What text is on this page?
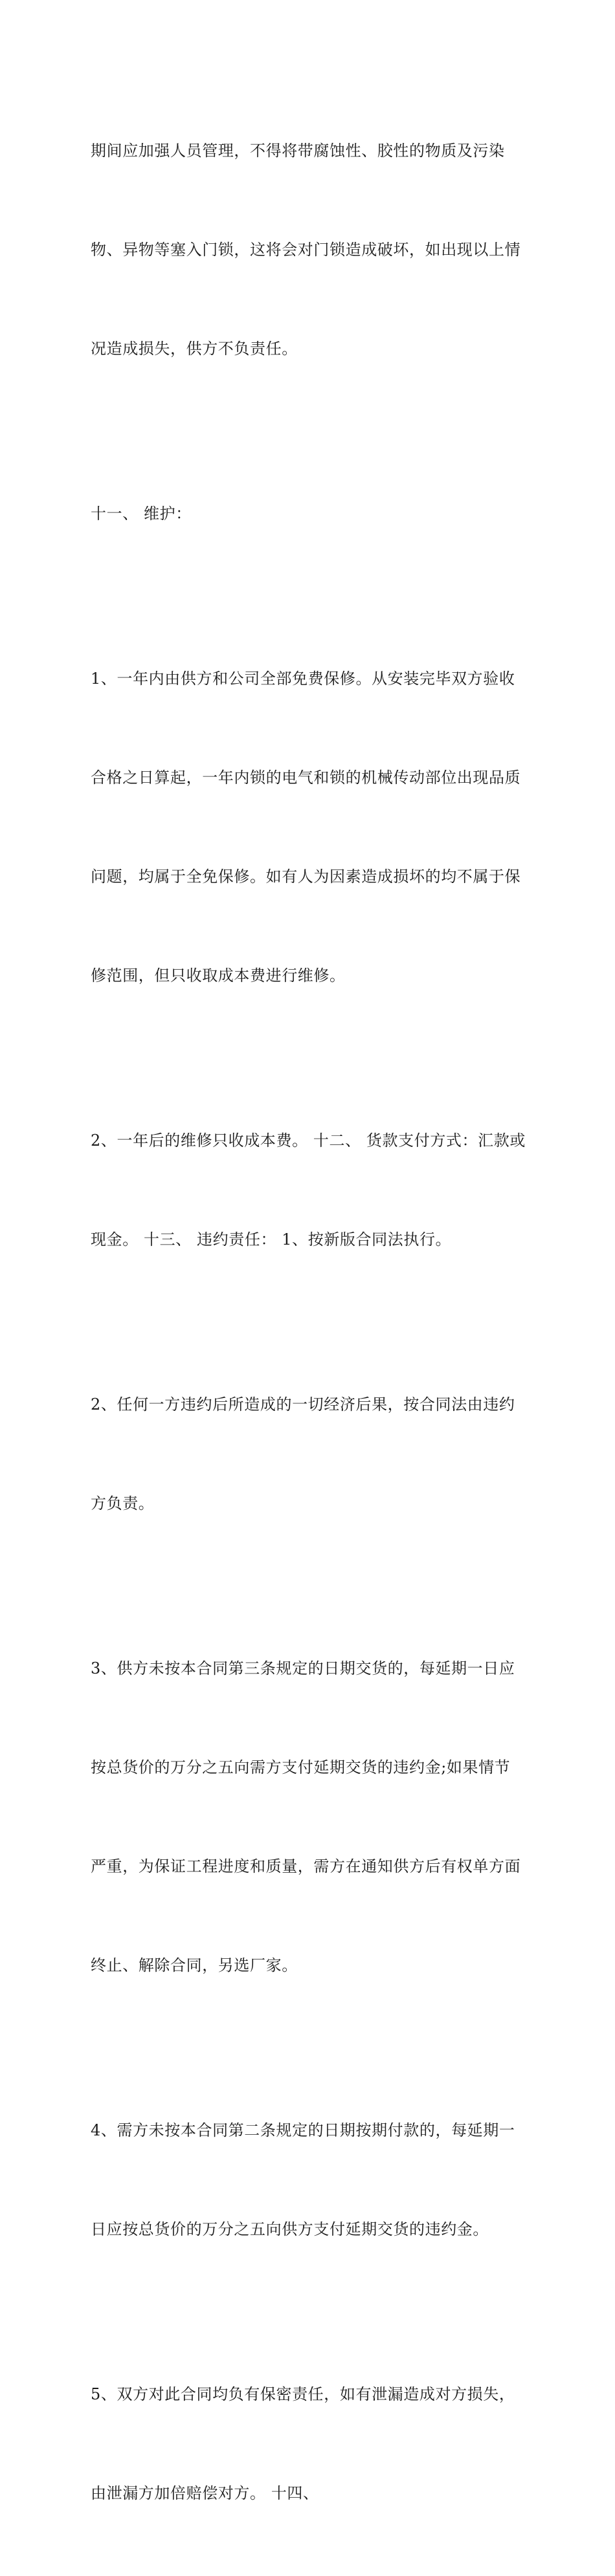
期间应加强人员管理，不得将带腐蚀性、胶性的物质及污染

物、异物等塞入门锁，这将会对门锁造成破坏，如出现以上情

况造成损失，供方不负责任。

十一、 维护：

1、一年内由供方和公司全部免费保修。从安装完毕双方验收

合格之日算起，一年内锁的电气和锁的机械传动部位出现品质

问题，均属于全免保修。如有人为因素造成损坏的均不属于保

修范围，但只收取成本费进行维修。

2、一年后的维修只收成本费。 十二、 货款支付方式：汇款或

现金。 十三、 违约责任： 1、按新版合同法执行。

2、任何一方违约后所造成的一切经济后果，按合同法由违约

方负责。

3、供方未按本合同第三条规定的日期交货的，每延期一日应

按总货价的万分之五向需方支付延期交货的违约金;如果情节

严重，为保证工程进度和质量，需方在通知供方后有权单方面

终止、解除合同，另选厂家。

4、需方未按本合同第二条规定的日期按期付款的，每延期一

日应按总货价的万分之五向供方支付延期交货的违约金。

5、双方对此合同均负有保密责任，如有泄漏造成对方损失，

由泄漏方加倍赔偿对方。 十四、
